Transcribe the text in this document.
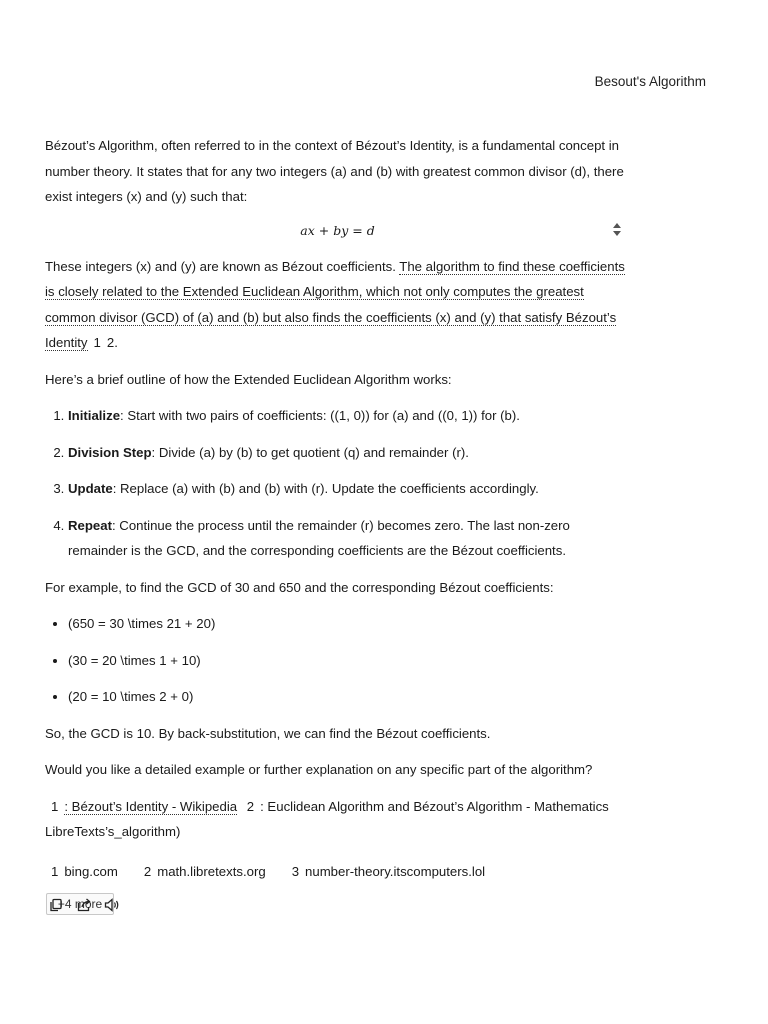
Besout's Algorithm

Bézout’s Algorithm, often referred to in the context of Bézout’s Identity, is a fundamental concept in number theory. It states that for any two integers (a) and (b) with greatest common divisor (d), there exist integers (x) and (y) such that:

ax + by = d

These integers (x) and (y) are known as Bézout coefficients. The algorithm to find these coefficients is closely related to the Extended Euclidean Algorithm, which not only computes the greatest common divisor (GCD) of (a) and (b) but also finds the coefficients (x) and (y) that satisfy Bézout’s Identity 1 2.

Here’s a brief outline of how the Extended Euclidean Algorithm works:

1. Initialize: Start with two pairs of coefficients: ((1, 0)) for (a) and ((0, 1)) for (b).
2. Division Step: Divide (a) by (b) to get quotient (q) and remainder (r).
3. Update: Replace (a) with (b) and (b) with (r). Update the coefficients accordingly.
4. Repeat: Continue the process until the remainder (r) becomes zero. The last non-zero remainder is the GCD, and the corresponding coefficients are the Bézout coefficients.

For example, to find the GCD of 30 and 650 and the corresponding Bézout coefficients:

• (650 = 30 \times 21 + 20)
• (30 = 20 \times 1 + 10)
• (20 = 10 \times 2 + 0)

So, the GCD is 10. By back-substitution, we can find the Bézout coefficients.

Would you like a detailed example or further explanation on any specific part of the algorithm?

1 : Bézout’s Identity - Wikipedia 2 : Euclidean Algorithm and Bézout’s Algorithm - Mathematics LibreTexts’s_algorithm)

1 bing.com	2 math.libretexts.org	3 number-theory.itscomputers.lol
+4 more
